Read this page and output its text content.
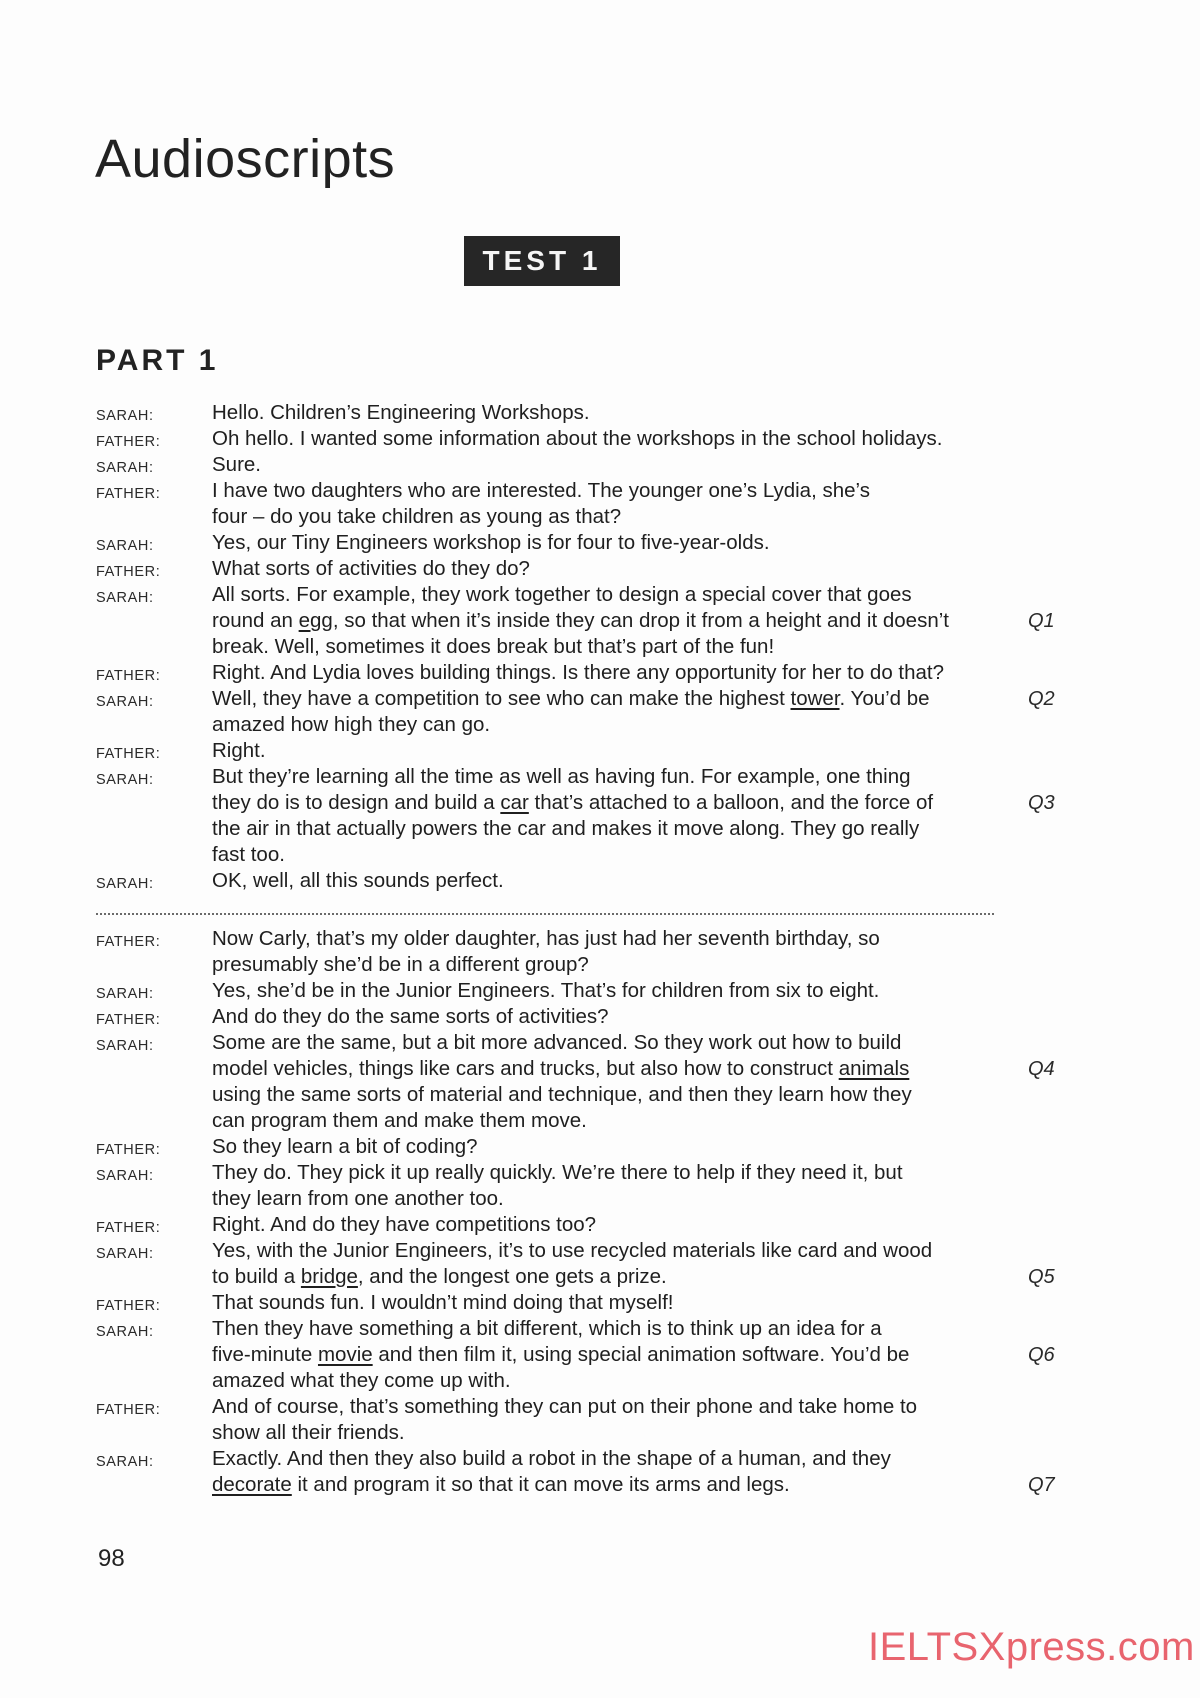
Audioscripts
TEST 1
PART 1
SARAH:	Hello. Children’s Engineering Workshops.
FATHER:	Oh hello. I wanted some information about the workshops in the school holidays.
SARAH:	Sure.
FATHER:	I have two daughters who are interested. The younger one’s Lydia, she’s
four – do you take children as young as that?
SARAH:	Yes, our Tiny Engineers workshop is for four to five-year-olds.
FATHER:	What sorts of activities do they do?
SARAH:	All sorts. For example, they work together to design a special cover that goes
round an egg, so that when it’s inside they can drop it from a height and it doesn’t	Q1
break. Well, sometimes it does break but that’s part of the fun!
FATHER:	Right. And Lydia loves building things. Is there any opportunity for her to do that?
SARAH:	Well, they have a competition to see who can make the highest tower. You’d be	Q2
amazed how high they can go.
FATHER:	Right.
SARAH:	But they’re learning all the time as well as having fun. For example, one thing
they do is to design and build a car that’s attached to a balloon, and the force of	Q3
the air in that actually powers the car and makes it move along. They go really
fast too.
SARAH:	OK, well, all this sounds perfect.
FATHER:	Now Carly, that’s my older daughter, has just had her seventh birthday, so
presumably she’d be in a different group?
SARAH:	Yes, she’d be in the Junior Engineers. That’s for children from six to eight.
FATHER:	And do they do the same sorts of activities?
SARAH:	Some are the same, but a bit more advanced. So they work out how to build
model vehicles, things like cars and trucks, but also how to construct animals	Q4
using the same sorts of material and technique, and then they learn how they
can program them and make them move.
FATHER:	So they learn a bit of coding?
SARAH:	They do. They pick it up really quickly. We’re there to help if they need it, but
they learn from one another too.
FATHER:	Right. And do they have competitions too?
SARAH:	Yes, with the Junior Engineers, it’s to use recycled materials like card and wood
to build a bridge, and the longest one gets a prize.	Q5
FATHER:	That sounds fun. I wouldn’t mind doing that myself!
SARAH:	Then they have something a bit different, which is to think up an idea for a
five-minute movie and then film it, using special animation software. You’d be	Q6
amazed what they come up with.
FATHER:	And of course, that’s something they can put on their phone and take home to
show all their friends.
SARAH:	Exactly. And then they also build a robot in the shape of a human, and they
decorate it and program it so that it can move its arms and legs.	Q7
98
IELTSXpress.com
